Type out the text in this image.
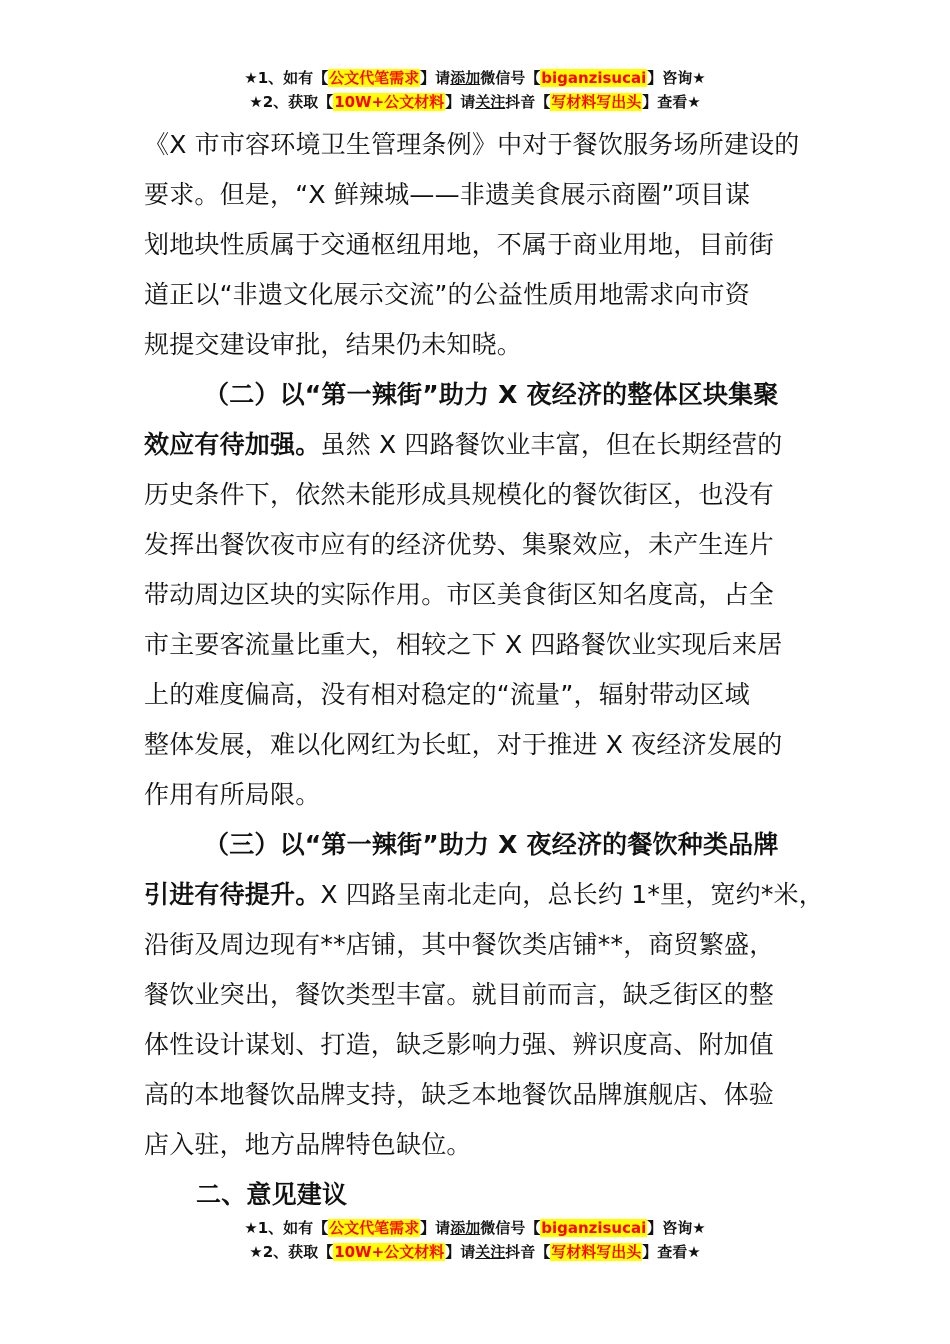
★1、如有【公文代笔需求】请添加微信号【biganzisucai】咨询★
★2、获取【10W+公文材料】请关注抖音【写材料写出头】查看★
《X 市市容环境卫生管理条例》中对于餐饮服务场所建设的
要求。但是，“X 鲜辣城——非遗美食展示商圈”项目谋
划地块性质属于交通枢纽用地，不属于商业用地，目前街
道正以“非遗文化展示交流”的公益性质用地需求向市资
规提交建设审批，结果仍未知晓。
（二）以“第一辣街”助力 X 夜经济的整体区块集聚
效应有待加强。虽然 X 四路餐饮业丰富，但在长期经营的
历史条件下，依然未能形成具规模化的餐饮街区，也没有
发挥出餐饮夜市应有的经济优势、集聚效应，未产生连片
带动周边区块的实际作用。市区美食街区知名度高，占全
市主要客流量比重大，相较之下 X 四路餐饮业实现后来居
上的难度偏高，没有相对稳定的“流量”，辐射带动区域
整体发展，难以化网红为长虹，对于推进 X 夜经济发展的
作用有所局限。
（三）以“第一辣街”助力 X 夜经济的餐饮种类品牌
引进有待提升。X 四路呈南北走向，总长约 1*里，宽约*米，
沿街及周边现有**店铺，其中餐饮类店铺**，商贸繁盛，
餐饮业突出，餐饮类型丰富。就目前而言，缺乏街区的整
体性设计谋划、打造，缺乏影响力强、辨识度高、附加值
高的本地餐饮品牌支持，缺乏本地餐饮品牌旗舰店、体验
店入驻，地方品牌特色缺位。
二、意见建议
★1、如有【公文代笔需求】请添加微信号【biganzisucai】咨询★
★2、获取【10W+公文材料】请关注抖音【写材料写出头】查看★
